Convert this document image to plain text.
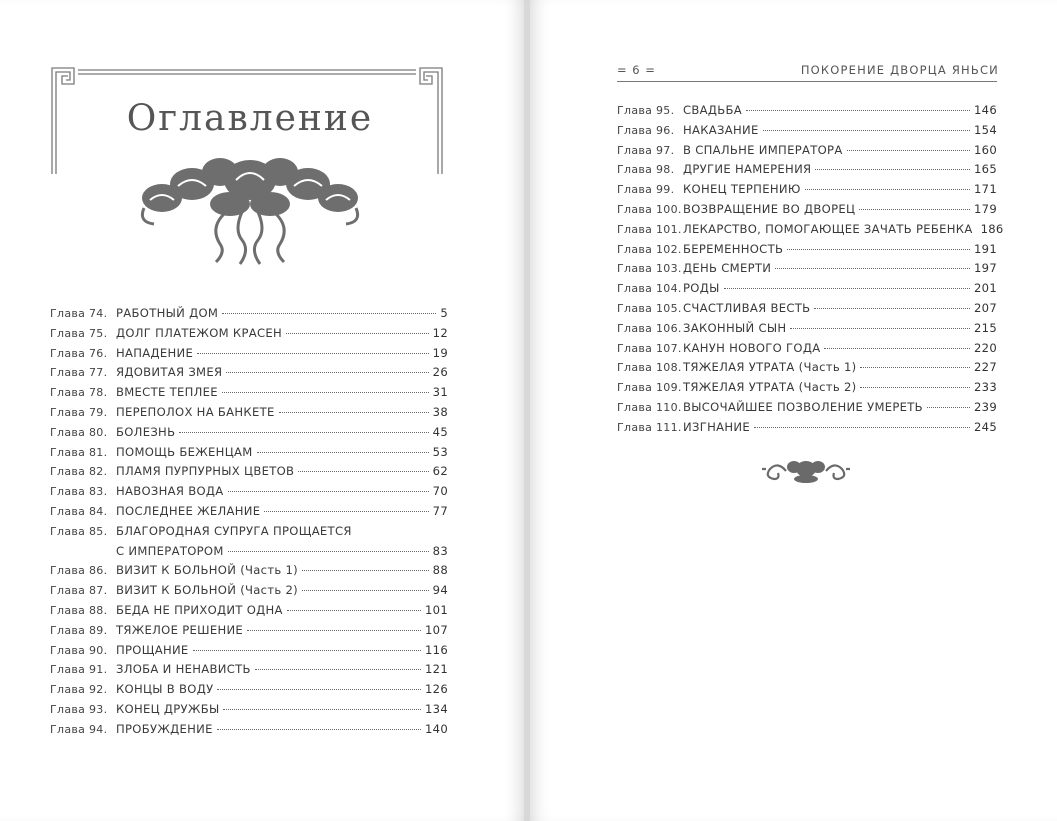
Оглавление
Глава 74. РАБОТНЫЙ ДОМ	5
Глава 75. ДОЛГ ПЛАТЕЖОМ КРАСЕН	12
Глава 76. НАПАДЕНИЕ	19
Глава 77. ЯДОВИТАЯ ЗМЕЯ	26
Глава 78. ВМЕСТЕ ТЕПЛЕЕ	31
Глава 79. ПЕРЕПОЛОХ НА БАНКЕТЕ	38
Глава 80. БОЛЕЗНЬ	45
Глава 81. ПОМОЩЬ БЕЖЕНЦАМ	53
Глава 82. ПЛАМЯ ПУРПУРНЫХ ЦВЕТОВ	62
Глава 83. НАВОЗНАЯ ВОДА	70
Глава 84. ПОСЛЕДНЕЕ ЖЕЛАНИЕ	77
Глава 85. БЛАГОРОДНАЯ СУПРУГА ПРОЩАЕТСЯ
С ИМПЕРАТОРОМ	83
Глава 86. ВИЗИТ К БОЛЬНОЙ (Часть 1)	88
Глава 87. ВИЗИТ К БОЛЬНОЙ (Часть 2)	94
Глава 88. БЕДА НЕ ПРИХОДИТ ОДНА	101
Глава 89. ТЯЖЕЛОЕ РЕШЕНИЕ	107
Глава 90. ПРОЩАНИЕ	116
Глава 91. ЗЛОБА И НЕНАВИСТЬ	121
Глава 92. КОНЦЫ В ВОДУ	126
Глава 93. КОНЕЦ ДРУЖБЫ	134
Глава 94. ПРОБУЖДЕНИЕ	140
= 6 =	ПОКОРЕНИЕ ДВОРЦА ЯНЬСИ
Глава 95. СВАДЬБА	146
Глава 96. НАКАЗАНИЕ	154
Глава 97. В СПАЛЬНЕ ИМПЕРАТОРА	160
Глава 98. ДРУГИЕ НАМЕРЕНИЯ	165
Глава 99. КОНЕЦ ТЕРПЕНИЮ	171
Глава 100. ВОЗВРАЩЕНИЕ ВО ДВОРЕЦ	179
Глава 101. ЛЕКАРСТВО, ПОМОГАЮЩЕЕ ЗАЧАТЬ РЕБЕНКА 186
Глава 102. БЕРЕМЕННОСТЬ	191
Глава 103. ДЕНЬ СМЕРТИ	197
Глава 104. РОДЫ	201
Глава 105. СЧАСТЛИВАЯ ВЕСТЬ	207
Глава 106. ЗАКОННЫЙ СЫН	215
Глава 107. КАНУН НОВОГО ГОДА	220
Глава 108. ТЯЖЕЛАЯ УТРАТА (Часть 1)	227
Глава 109. ТЯЖЕЛАЯ УТРАТА (Часть 2)	233
Глава 110. ВЫСОЧАЙШЕЕ ПОЗВОЛЕНИЕ УМЕРЕТЬ	239
Глава 111. ИЗГНАНИЕ	245
